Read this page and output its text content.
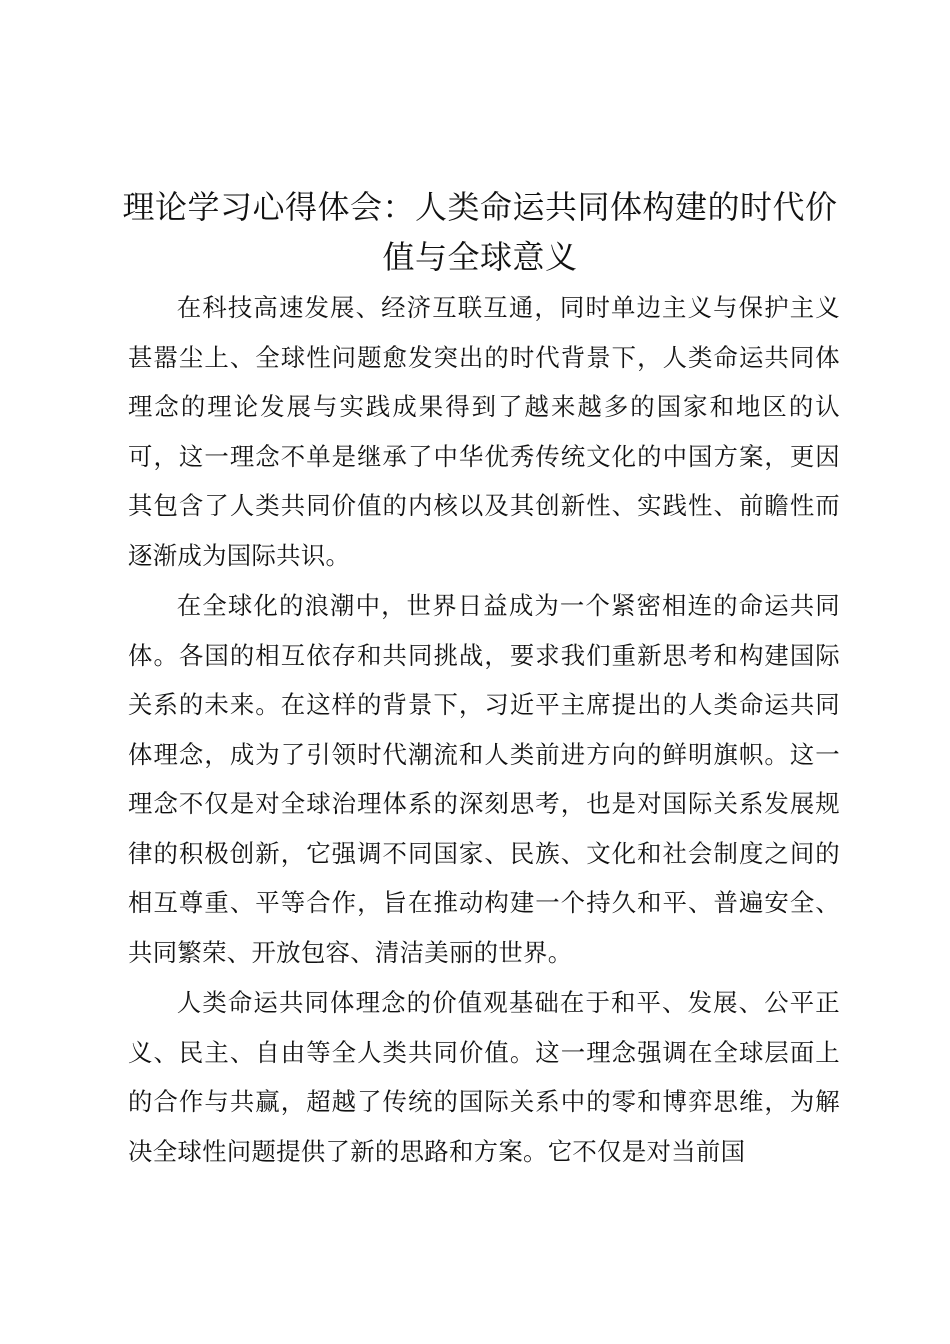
理论学习心得体会：人类命运共同体构建的时代价值与全球意义

在科技高速发展、经济互联互通，同时单边主义与保护主义甚嚣尘上、全球性问题愈发突出的时代背景下，人类命运共同体理念的理论发展与实践成果得到了越来越多的国家和地区的认可，这一理念不单是继承了中华优秀传统文化的中国方案，更因其包含了人类共同价值的内核以及其创新性、实践性、前瞻性而逐渐成为国际共识。

在全球化的浪潮中，世界日益成为一个紧密相连的命运共同体。各国的相互依存和共同挑战，要求我们重新思考和构建国际关系的未来。在这样的背景下，习近平主席提出的人类命运共同体理念，成为了引领时代潮流和人类前进方向的鲜明旗帜。这一理念不仅是对全球治理体系的深刻思考，也是对国际关系发展规律的积极创新，它强调不同国家、民族、文化和社会制度之间的相互尊重、平等合作，旨在推动构建一个持久和平、普遍安全、共同繁荣、开放包容、清洁美丽的世界。

人类命运共同体理念的价值观基础在于和平、发展、公平正义、民主、自由等全人类共同价值。这一理念强调在全球层面上的合作与共赢，超越了传统的国际关系中的零和博弈思维，为解决全球性问题提供了新的思路和方案。它不仅是对当前国
